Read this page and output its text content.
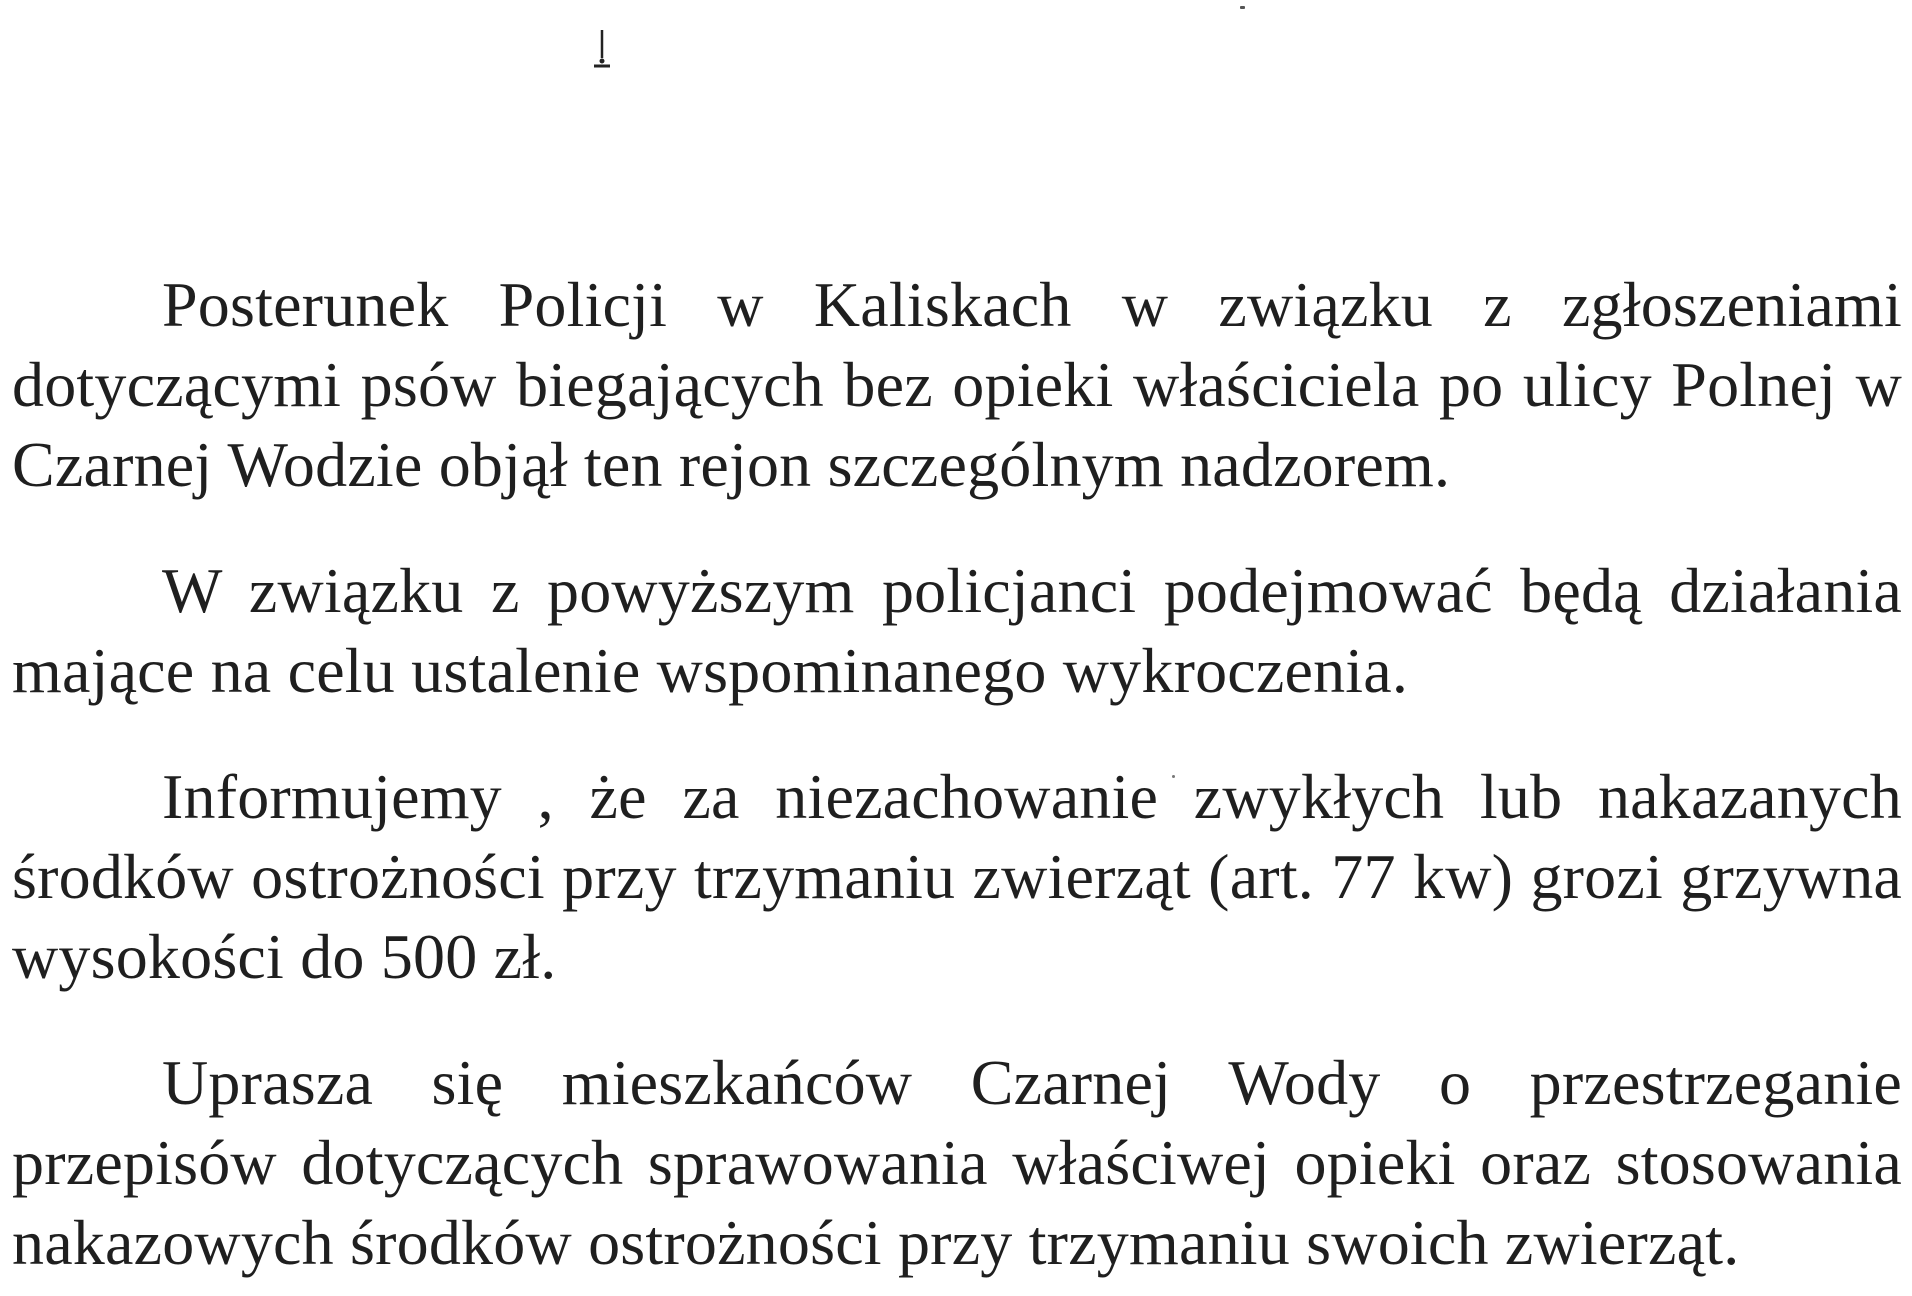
Posterunek Policji w Kaliskach w związku z zgłoszeniami dotyczącymi psów biegających bez opieki właściciela po ulicy Polnej w Czarnej Wodzie objął ten rejon szczególnym nadzorem.

W związku z powyższym policjanci podejmować będą działania mające na celu ustalenie wspominanego wykroczenia.

Informujemy , że za niezachowanie zwykłych lub nakazanych środków ostrożności przy trzymaniu zwierząt (art. 77 kw) grozi grzywna wysokości do 500 zł.

Uprasza się mieszkańców Czarnej Wody o przestrzeganie przepisów dotyczących sprawowania właściwej opieki oraz stosowania nakazowych środków ostrożności przy trzymaniu swoich zwierząt.
